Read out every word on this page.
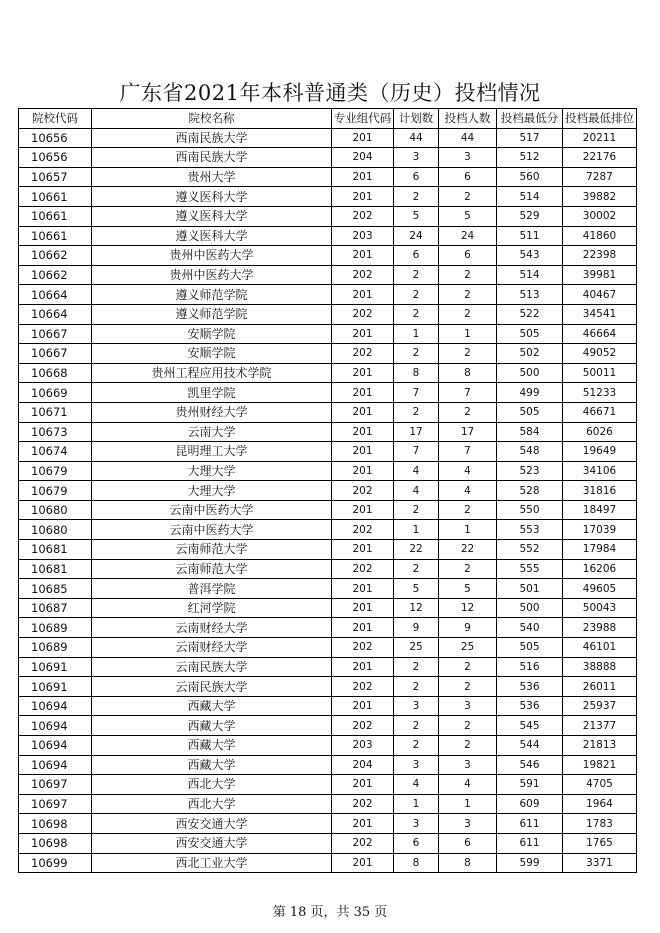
广东省2021年本科普通类（历史）投档情况
院校代码	院校名称	专业组代码	计划数	投档人数	投档最低分	投档最低排位
10656	西南民族大学	201	44	44	517	20211
10656	西南民族大学	204	3	3	512	22176
10657	贵州大学	201	6	6	560	7287
10661	遵义医科大学	201	2	2	514	39882
10661	遵义医科大学	202	5	5	529	30002
10661	遵义医科大学	203	24	24	511	41860
10662	贵州中医药大学	201	6	6	543	22398
10662	贵州中医药大学	202	2	2	514	39981
10664	遵义师范学院	201	2	2	513	40467
10664	遵义师范学院	202	2	2	522	34541
10667	安顺学院	201	1	1	505	46664
10667	安顺学院	202	2	2	502	49052
10668	贵州工程应用技术学院	201	8	8	500	50011
10669	凯里学院	201	7	7	499	51233
10671	贵州财经大学	201	2	2	505	46671
10673	云南大学	201	17	17	584	6026
10674	昆明理工大学	201	7	7	548	19649
10679	大理大学	201	4	4	523	34106
10679	大理大学	202	4	4	528	31816
10680	云南中医药大学	201	2	2	550	18497
10680	云南中医药大学	202	1	1	553	17039
10681	云南师范大学	201	22	22	552	17984
10681	云南师范大学	202	2	2	555	16206
10685	普洱学院	201	5	5	501	49605
10687	红河学院	201	12	12	500	50043
10689	云南财经大学	201	9	9	540	23988
10689	云南财经大学	202	25	25	505	46101
10691	云南民族大学	201	2	2	516	38888
10691	云南民族大学	202	2	2	536	26011
10694	西藏大学	201	3	3	536	25937
10694	西藏大学	202	2	2	545	21377
10694	西藏大学	203	2	2	544	21813
10694	西藏大学	204	3	3	546	19821
10697	西北大学	201	4	4	591	4705
10697	西北大学	202	1	1	609	1964
10698	西安交通大学	201	3	3	611	1783
10698	西安交通大学	202	6	6	611	1765
10699	西北工业大学	201	8	8	599	3371
第 18 页，共 35 页
